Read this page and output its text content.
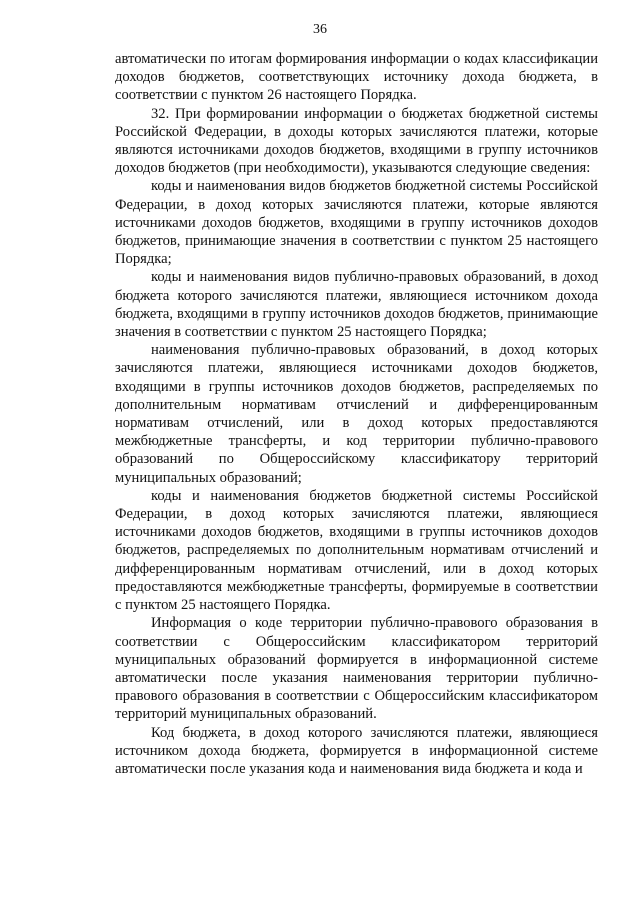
36

автоматически по итогам формирования информации о кодах классификации доходов бюджетов, соответствующих источнику дохода бюджета, в соответствии с пунктом 26 настоящего Порядка.

32. При формировании информации о бюджетах бюджетной системы Российской Федерации, в доходы которых зачисляются платежи, которые являются источниками доходов бюджетов, входящими в группу источников доходов бюджетов (при необходимости), указываются следующие сведения:

коды и наименования видов бюджетов бюджетной системы Российской Федерации, в доход которых зачисляются платежи, которые являются источниками доходов бюджетов, входящими в группу источников доходов бюджетов, принимающие значения в соответствии с пунктом 25 настоящего Порядка;

коды и наименования видов публично-правовых образований, в доход бюджета которого зачисляются платежи, являющиеся источником дохода бюджета, входящими в группу источников доходов бюджетов, принимающие значения в соответствии с пунктом 25 настоящего Порядка;

наименования публично-правовых образований, в доход которых зачисляются платежи, являющиеся источниками доходов бюджетов, входящими в группы источников доходов бюджетов, распределяемых по дополнительным нормативам отчислений и дифференцированным нормативам отчислений, или в доход которых предоставляются межбюджетные трансферты, и код территории публично-правового образований по Общероссийскому классификатору территорий муниципальных образований;

коды и наименования бюджетов бюджетной системы Российской Федерации, в доход которых зачисляются платежи, являющиеся источниками доходов бюджетов, входящими в группы источников доходов бюджетов, распределяемых по дополнительным нормативам отчислений и дифференцированным нормативам отчислений, или в доход которых предоставляются межбюджетные трансферты, формируемые в соответствии с пунктом 25 настоящего Порядка.

Информация о коде территории публично-правового образования в соответствии с Общероссийским классификатором территорий муниципальных образований формируется в информационной системе автоматически после указания наименования территории публично-правового образования в соответствии с Общероссийским классификатором территорий муниципальных образований.

Код бюджета, в доход которого зачисляются платежи, являющиеся источником дохода бюджета, формируется в информационной системе автоматически после указания кода и наименования вида бюджета и кода и
